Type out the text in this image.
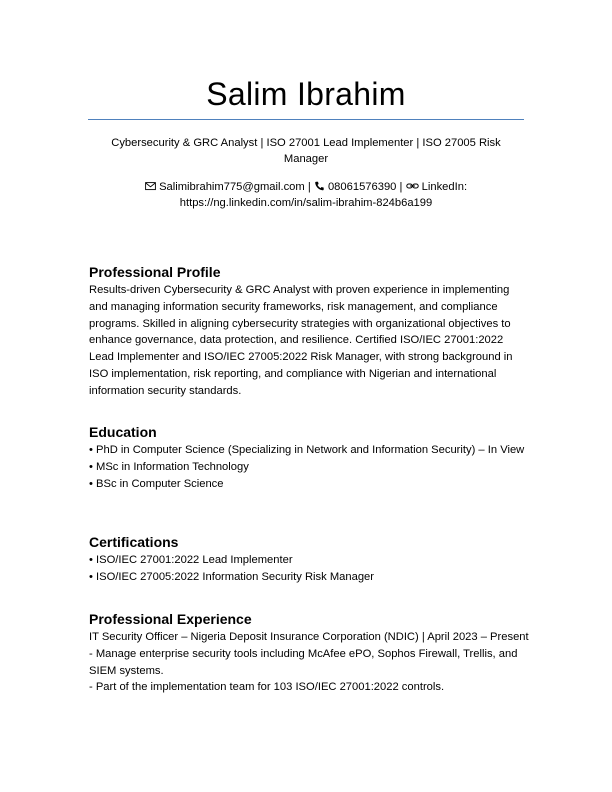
Salim Ibrahim
Cybersecurity & GRC Analyst | ISO 27001 Lead Implementer | ISO 27005 Risk Manager
Salimibrahim775@gmail.com | 08061576390 | LinkedIn: https://ng.linkedin.com/in/salim-ibrahim-824b6a199
Professional Profile

Results-driven Cybersecurity & GRC Analyst with proven experience in implementing and managing information security frameworks, risk management, and compliance programs. Skilled in aligning cybersecurity strategies with organizational objectives to enhance governance, data protection, and resilience. Certified ISO/IEC 27001:2022 Lead Implementer and ISO/IEC 27005:2022 Risk Manager, with strong background in ISO implementation, risk reporting, and compliance with Nigerian and international information security standards.

Education
• PhD in Computer Science (Specializing in Network and Information Security) – In View
• MSc in Information Technology
• BSc in Computer Science
Certifications
• ISO/IEC 27001:2022 Lead Implementer
• ISO/IEC 27005:2022 Information Security Risk Manager
Professional Experience
IT Security Officer – Nigeria Deposit Insurance Corporation (NDIC) | April 2023 – Present
- Manage enterprise security tools including McAfee ePO, Sophos Firewall, Trellis, and SIEM systems.
- Part of the implementation team for 103 ISO/IEC 27001:2022 controls.
